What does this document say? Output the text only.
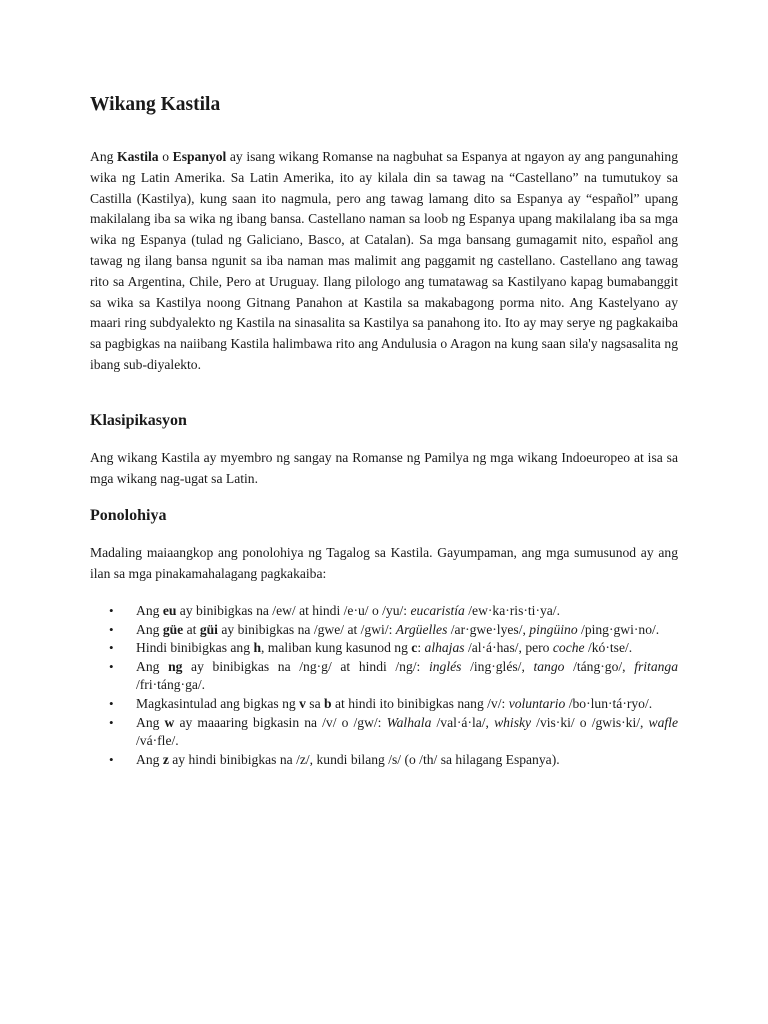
Wikang Kastila

Ang Kastila o Espanyol ay isang wikang Romanse na nagbuhat sa Espanya at ngayon ay ang pangunahing wika ng Latin Amerika. Sa Latin Amerika, ito ay kilala din sa tawag na “Castellano” na tumutukoy sa Castilla (Kastilya), kung saan ito nagmula, pero ang tawag lamang dito sa Espanya ay “español” upang makilalang iba sa wika ng ibang bansa. Castellano naman sa loob ng Espanya upang makilalang iba sa mga wika ng Espanya (tulad ng Galiciano, Basco, at Catalan). Sa mga bansang gumagamit nito, español ang tawag ng ilang bansa ngunit sa iba naman mas malimit ang paggamit ng castellano. Castellano ang tawag rito sa Argentina, Chile, Pero at Uruguay. Ilang pilologo ang tumatawag sa Kastilyano kapag bumabanggit sa wika sa Kastilya noong Gitnang Panahon at Kastila sa makabagong porma nito. Ang Kastelyano ay maari ring subdyalekto ng Kastila na sinasalita sa Kastilya sa panahong ito. Ito ay may serye ng pagkakaiba sa pagbigkas na naiibang Kastila halimbawa rito ang Andulusia o Aragon na kung saan sila'y nagsasalita ng ibang sub-diyalekto.

Klasipikasyon

Ang wikang Kastila ay myembro ng sangay na Romanse ng Pamilya ng mga wikang Indoeuropeo at isa sa mga wikang nag-ugat sa Latin.

Ponolohiya

Madaling maiaangkop ang ponolohiya ng Tagalog sa Kastila. Gayumpaman, ang mga sumusunod ay ang ilan sa mga pinakamahalagang pagkakaiba:

• Ang eu ay binibigkas na /ew/ at hindi /e·u/ o /yu/: eucaristía /ew·ka·ris·ti·ya/.
• Ang güe at güi ay binibigkas na /gwe/ at /gwi/: Argüelles /ar·gwe·lyes/, pingüino /ping·gwi·no/.
• Hindi binibigkas ang h, maliban kung kasunod ng c: alhajas /al·á·has/, pero coche /kó·tse/.
• Ang ng ay binibigkas na /ng·g/ at hindi /ng/: inglés /ing·glés/, tango /táng·go/, fritanga /fri·táng·ga/.
• Magkasintulad ang bigkas ng v sa b at hindi ito binibigkas nang /v/: voluntario /bo·lun·tá·ryo/.
• Ang w ay maaaring bigkasin na /v/ o /gw/: Walhala /val·á·la/, whisky /vis·ki/ o /gwis·ki/, wafle /vá·fle/.
• Ang z ay hindi binibigkas na /z/, kundi bilang /s/ (o /th/ sa hilagang Espanya).
